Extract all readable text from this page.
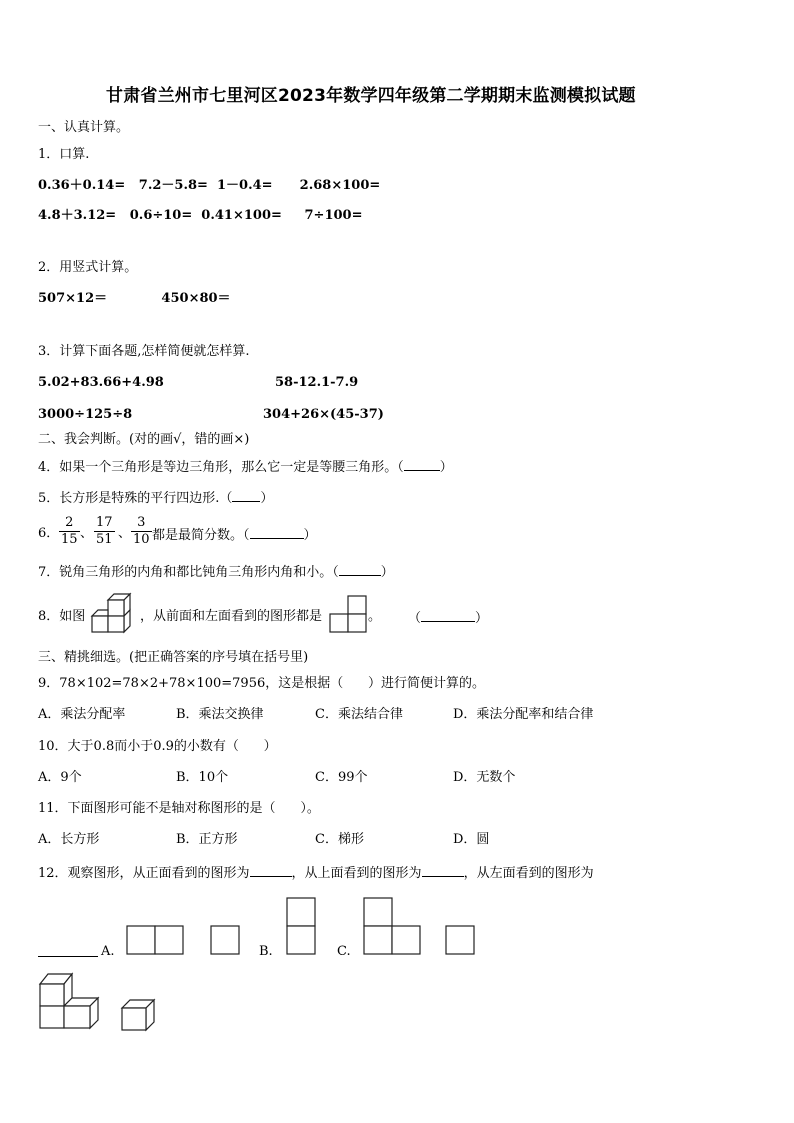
甘肃省兰州市七里河区2023年数学四年级第二学期期末监测模拟试题
一、认真计算。
1．口算.
0.36＋0.14=   7.2－5.8=  1－0.4=      2.68×100=
4.8＋3.12=   0.6÷10=  0.41×100=     7÷100=
2．用竖式计算。
507×12＝            450×80＝
3．计算下面各题,怎样简便就怎样算.
5.02+83.66+4.98	58-12.1-7.9
3000÷125÷8	304+26×(45-37)
二、我会判断。(对的画√，错的画×)
4．如果一个三角形是等边三角形，那么它一定是等腰三角形。（	）
5．长方形是特殊的平行四边形.（ ）
6． $\frac{2}{15}$ 、 $\frac{17}{51}$ 、 $\frac{3}{10}$ 都是最简分数。（	）
7．锐角三角形的内角和都比钝角三角形内角和小。（	）
8．如图	，从前面和左面看到的图形都是	。 （	）
三、精挑细选。(把正确答案的序号填在括号里)
9．78×102=78×2+78×100=7956，这是根据（      ）进行简便计算的。
A．乘法分配率	B．乘法交换律	C．乘法结合律	D．乘法分配率和结合律
10．大于0.8而小于0.9的小数有（      ）
A．9个	B．10个	C．99个	D．无数个
11．下面图形可能不是轴对称图形的是（      ）。
A．长方形	B．正方形	C．梯形	D．圆
12．观察图形，从正面看到的图形为	，从上面看到的图形为	，从左面看到的图形为
A.	B.	C.
